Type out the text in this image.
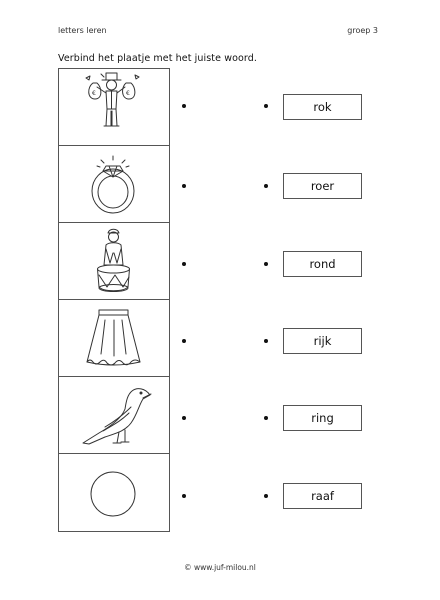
letters leren	groep 3
Verbind het plaatje met het juiste woord.
€	€
rok
roer
rond
rijk
ring
raaf
© www.juf-milou.nl
